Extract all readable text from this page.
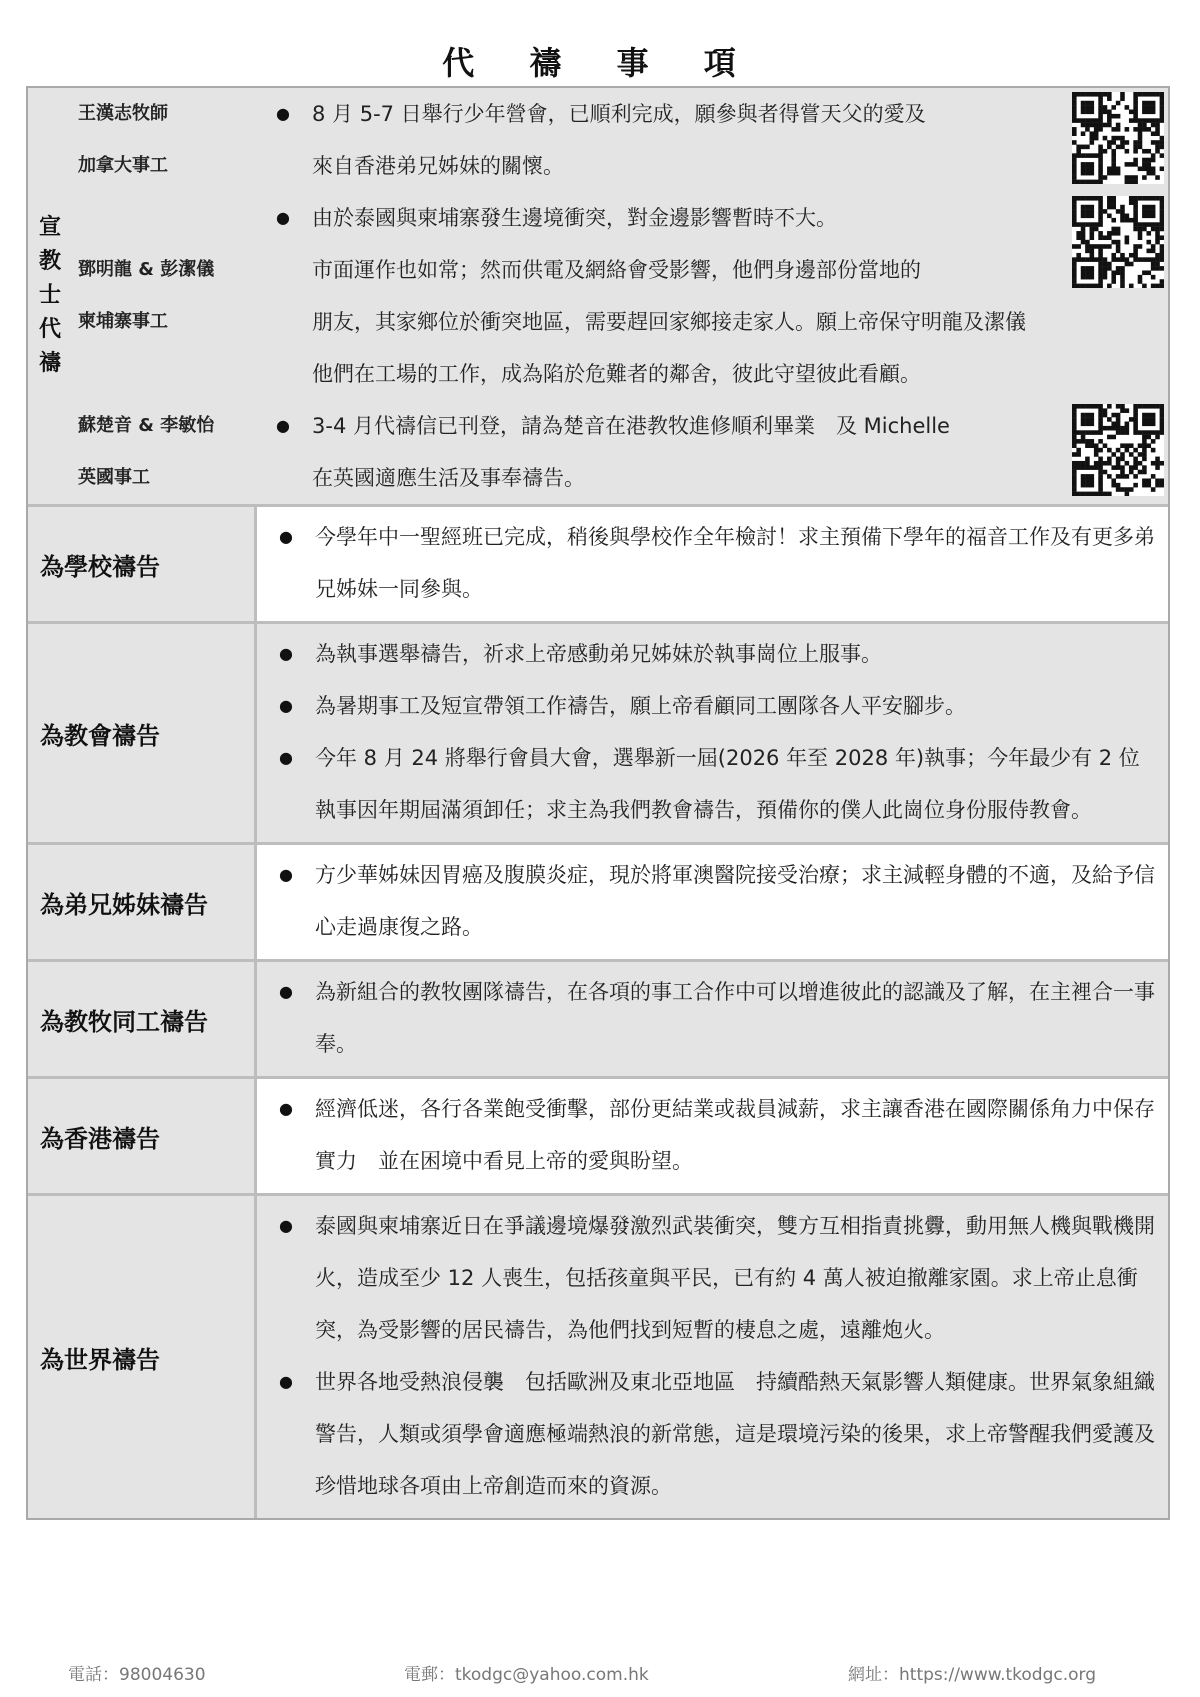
代 禱 事 項
宣教士代禱
王漢志牧師
加拿大事工
●	8 月 5-7 日舉行少年營會，已順利完成，願參與者得嘗天父的愛及
來自香港弟兄姊妹的關懷。
鄧明龍 & 彭潔儀
柬埔寨事工
●	由於泰國與柬埔寨發生邊境衝突，對金邊影響暫時不大。
市面運作也如常；然而供電及網絡會受影響，他們身邊部份當地的
朋友，其家鄉位於衝突地區，需要趕回家鄉接走家人。願上帝保守明龍及潔儀
他們在工場的工作，成為陷於危難者的鄰舍，彼此守望彼此看顧。
蘇楚音 & 李敏怡
英國事工
●	3-4 月代禱信已刊登，請為楚音在港教牧進修順利畢業　及 Michelle
在英國適應生活及事奉禱告。
為學校禱告
●	今學年中一聖經班已完成，稍後與學校作全年檢討！求主預備下學年的福音工作及有更多弟兄姊妹一同參與。
為教會禱告
●	為執事選舉禱告，祈求上帝感動弟兄姊妹於執事崗位上服事。
●	為暑期事工及短宣帶領工作禱告，願上帝看顧同工團隊各人平安腳步。
●	今年 8 月 24 將舉行會員大會，選舉新一屆(2026 年至 2028 年)執事；今年最少有 2 位執事因年期屆滿須卸任；求主為我們教會禱告，預備你的僕人此崗位身份服侍教會。
為弟兄姊妹禱告
●	方少華姊妹因胃癌及腹膜炎症，現於將軍澳醫院接受治療；求主減輕身體的不適，及給予信心走過康復之路。
為教牧同工禱告
●	為新組合的教牧團隊禱告，在各項的事工合作中可以增進彼此的認識及了解，在主裡合一事奉。
為香港禱告
●	經濟低迷，各行各業飽受衝擊，部份更結業或裁員減薪，求主讓香港在國際關係角力中保存實力　並在困境中看見上帝的愛與盼望。
為世界禱告
●	泰國與柬埔寨近日在爭議邊境爆發激烈武裝衝突，雙方互相指責挑釁，動用無人機與戰機開火，造成至少 12 人喪生，包括孩童與平民，已有約 4 萬人被迫撤離家園。求上帝止息衝突，為受影響的居民禱告，為他們找到短暫的棲息之處，遠離炮火。
●	世界各地受熱浪侵襲　包括歐洲及東北亞地區　持續酷熱天氣影響人類健康。世界氣象組織警告，人類或須學會適應極端熱浪的新常態，這是環境污染的後果，求上帝警醒我們愛護及珍惜地球各項由上帝創造而來的資源。
電話：98004630	電郵：tkodgc@yahoo.com.hk	網址：https://www.tkodgc.org
